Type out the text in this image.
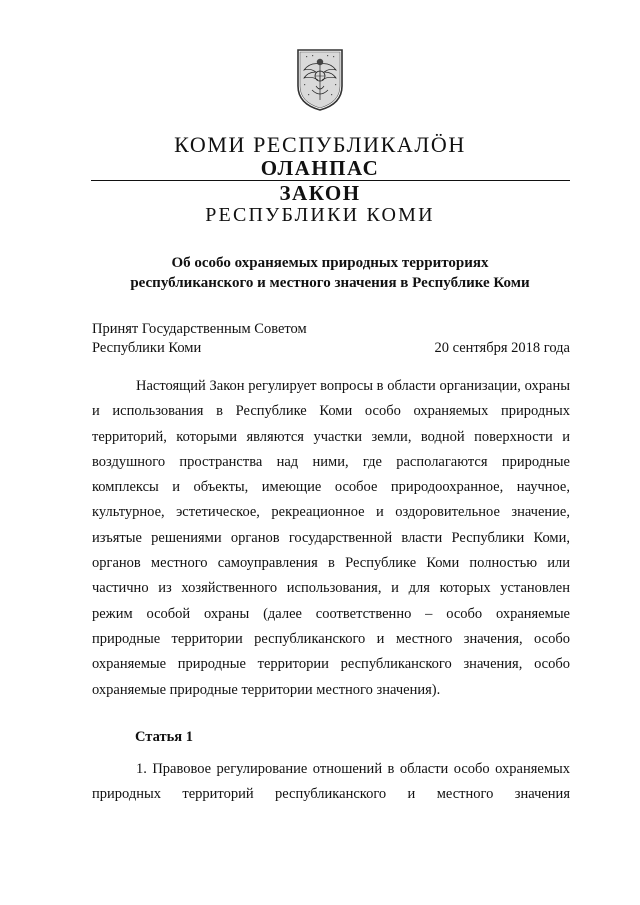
КОМИ РЕСПУБЛИКАЛÖН
ОЛАНПАС
ЗАКОН
РЕСПУБЛИКИ КОМИ
Об особо охраняемых природных территориях
республиканского и местного значения в Республике Коми
Принят Государственным Советом
Республики Коми	20 сентября 2018 года

Настоящий Закон регулирует вопросы в области организации, охраны и использования в Республике Коми особо охраняемых природных территорий, которыми являются участки земли, водной поверхности и воздушного пространства над ними, где располагаются природные комплексы и объекты, имеющие особое природоохранное, научное, культурное, эстетическое, рекреационное и оздоровительное значение, изъятые решениями органов государственной власти Республики Коми, органов местного самоуправления в Республике Коми полностью или частично из хозяйственного использования, и для которых установлен режим особой охраны (далее соответственно – особо охраняемые природные территории республиканского и местного значения, особо охраняемые природные территории республиканского значения, особо охраняемые природные территории местного значения).

Статья 1

1. Правовое регулирование отношений в области особо охраняемых природных территорий республиканского и местного значения
